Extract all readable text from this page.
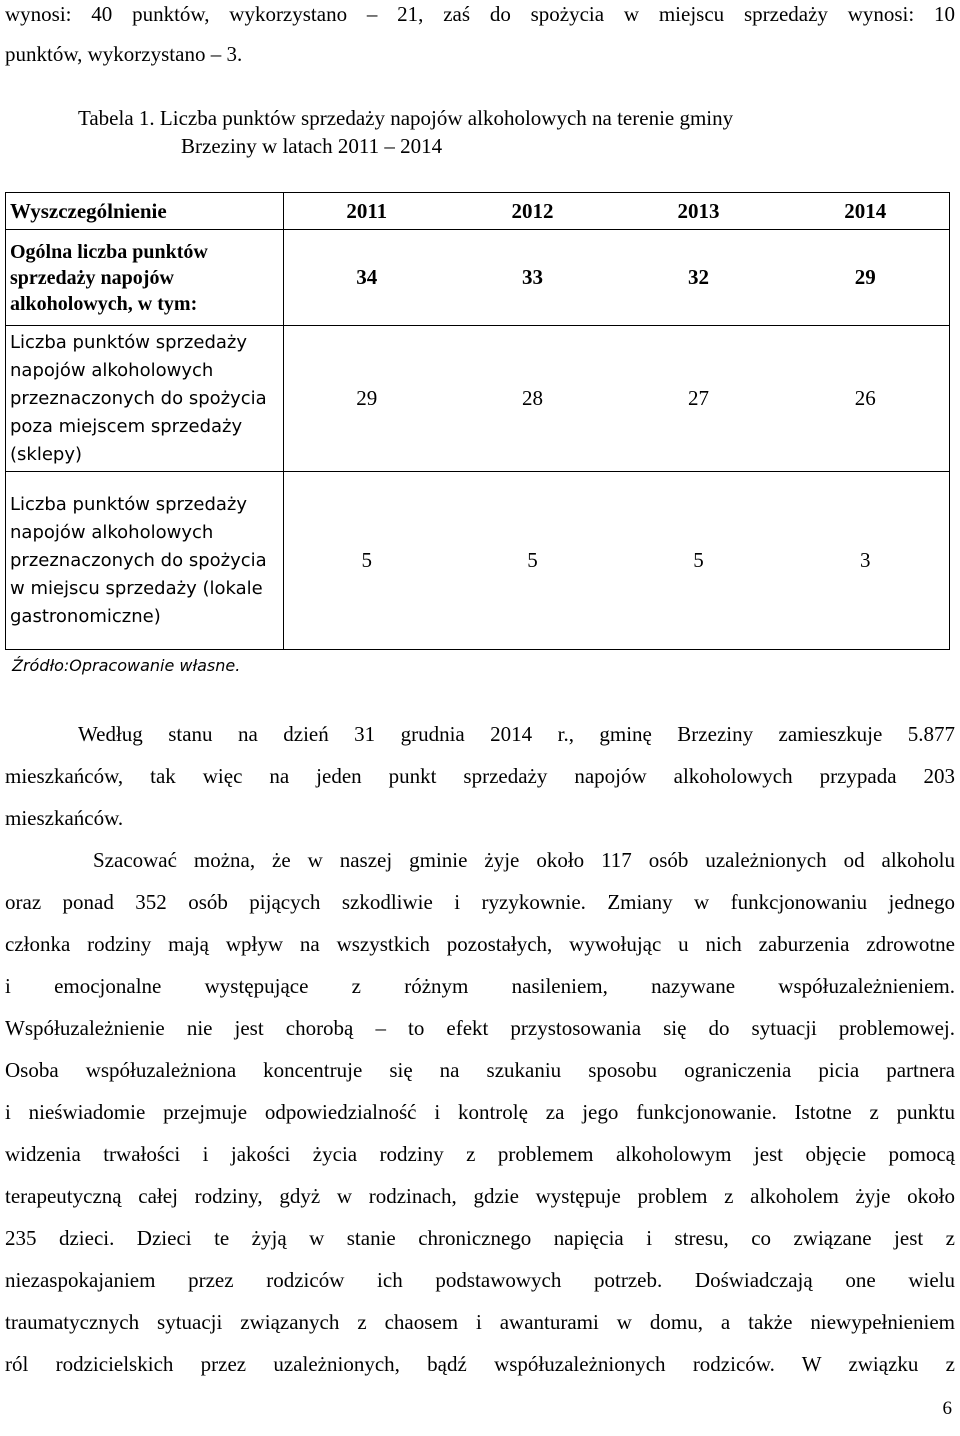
wynosi: 40 punktów, wykorzystano – 21, zaś do spożycia w miejscu sprzedaży wynosi: 10
punktów, wykorzystano – 3.
Tabela 1. Liczba punktów sprzedaży napojów alkoholowych na terenie gminy
Brzeziny w latach 2011 – 2014
Wyszczególnienie	2011	2012	2013	2014
Ogólna liczba punktów sprzedaży napojów alkoholowych, w tym:	34	33	32	29
Liczba punktów sprzedaży napojów alkoholowych przeznaczonych do spożycia poza miejscem sprzedaży (sklepy)	29	28	27	26
Liczba punktów sprzedaży napojów alkoholowych przeznaczonych do spożycia w miejscu sprzedaży (lokale gastronomiczne)	5	5	5	3
Źródło:Opracowanie własne.
Według stanu na dzień 31 grudnia 2014 r., gminę Brzeziny zamieszkuje 5.877
mieszkańców, tak więc na jeden punkt sprzedaży napojów alkoholowych przypada 203
mieszkańców.
Szacować można, że w naszej gminie żyje około 117 osób uzależnionych od alkoholu
oraz ponad 352 osób pijących szkodliwie i ryzykownie. Zmiany w funkcjonowaniu jednego
członka rodziny mają wpływ na wszystkich pozostałych, wywołując u nich zaburzenia zdrowotne
i emocjonalne występujące z różnym nasileniem, nazywane współuzależnieniem.
Współuzależnienie nie jest chorobą – to efekt przystosowania się do sytuacji problemowej.
Osoba współuzależniona koncentruje się na szukaniu sposobu ograniczenia picia partnera
i nieświadomie przejmuje odpowiedzialność i kontrolę za jego funkcjonowanie. Istotne z punktu
widzenia trwałości i jakości życia rodziny z problemem alkoholowym jest objęcie pomocą
terapeutyczną całej rodziny, gdyż w rodzinach, gdzie występuje problem z alkoholem żyje około
235 dzieci. Dzieci te żyją w stanie chronicznego napięcia i stresu, co związane jest z
niezaspokajaniem przez rodziców ich podstawowych potrzeb. Doświadczają one wielu
traumatycznych sytuacji związanych z chaosem i awanturami w domu, a także niewypełnieniem
ról rodzicielskich przez uzależnionych, bądź współuzależnionych rodziców. W związku z
6
